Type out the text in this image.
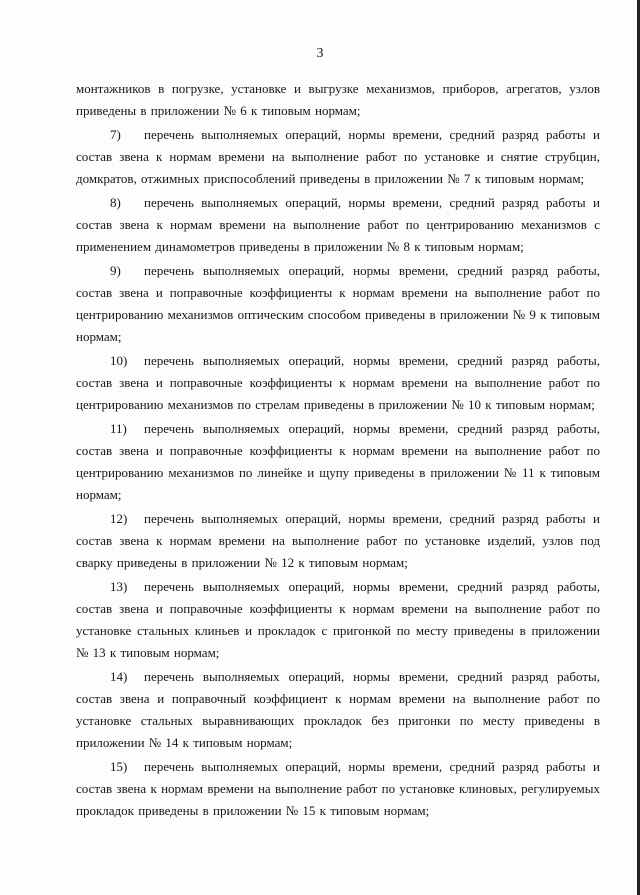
3

монтажников в погрузке, установке и выгрузке механизмов, приборов, агрегатов, узлов приведены в приложении № 6 к типовым нормам;

7) перечень выполняемых операций, нормы времени, средний разряд работы и состав звена к нормам времени на выполнение работ по установке и снятие струбцин, домкратов, отжимных приспособлений приведены в приложении № 7 к типовым нормам;

8) перечень выполняемых операций, нормы времени, средний разряд работы и состав звена к нормам времени на выполнение работ по центрированию механизмов с применением динамометров приведены в приложении № 8 к типовым нормам;

9) перечень выполняемых операций, нормы времени, средний разряд работы, состав звена и поправочные коэффициенты к нормам времени на выполнение работ по центрированию механизмов оптическим способом приведены в приложении № 9 к типовым нормам;

10) перечень выполняемых операций, нормы времени, средний разряд работы, состав звена и поправочные коэффициенты к нормам времени на выполнение работ по центрированию механизмов по стрелам приведены в приложении № 10 к типовым нормам;

11) перечень выполняемых операций, нормы времени, средний разряд работы, состав звена и поправочные коэффициенты к нормам времени на выполнение работ по центрированию механизмов по линейке и щупу приведены в приложении № 11 к типовым нормам;

12) перечень выполняемых операций, нормы времени, средний разряд работы и состав звена к нормам времени на выполнение работ по установке изделий, узлов под сварку приведены в приложении № 12 к типовым нормам;

13) перечень выполняемых операций, нормы времени, средний разряд работы, состав звена и поправочные коэффициенты к нормам времени на выполнение работ по установке стальных клиньев и прокладок с пригонкой по месту приведены в приложении № 13 к типовым нормам;

14) перечень выполняемых операций, нормы времени, средний разряд работы, состав звена и поправочный коэффициент к нормам времени на выполнение работ по установке стальных выравнивающих прокладок без пригонки по месту приведены в приложении № 14 к типовым нормам;

15) перечень выполняемых операций, нормы времени, средний разряд работы и состав звена к нормам времени на выполнение работ по установке клиновых, регулируемых прокладок приведены в приложении № 15 к типовым нормам;
